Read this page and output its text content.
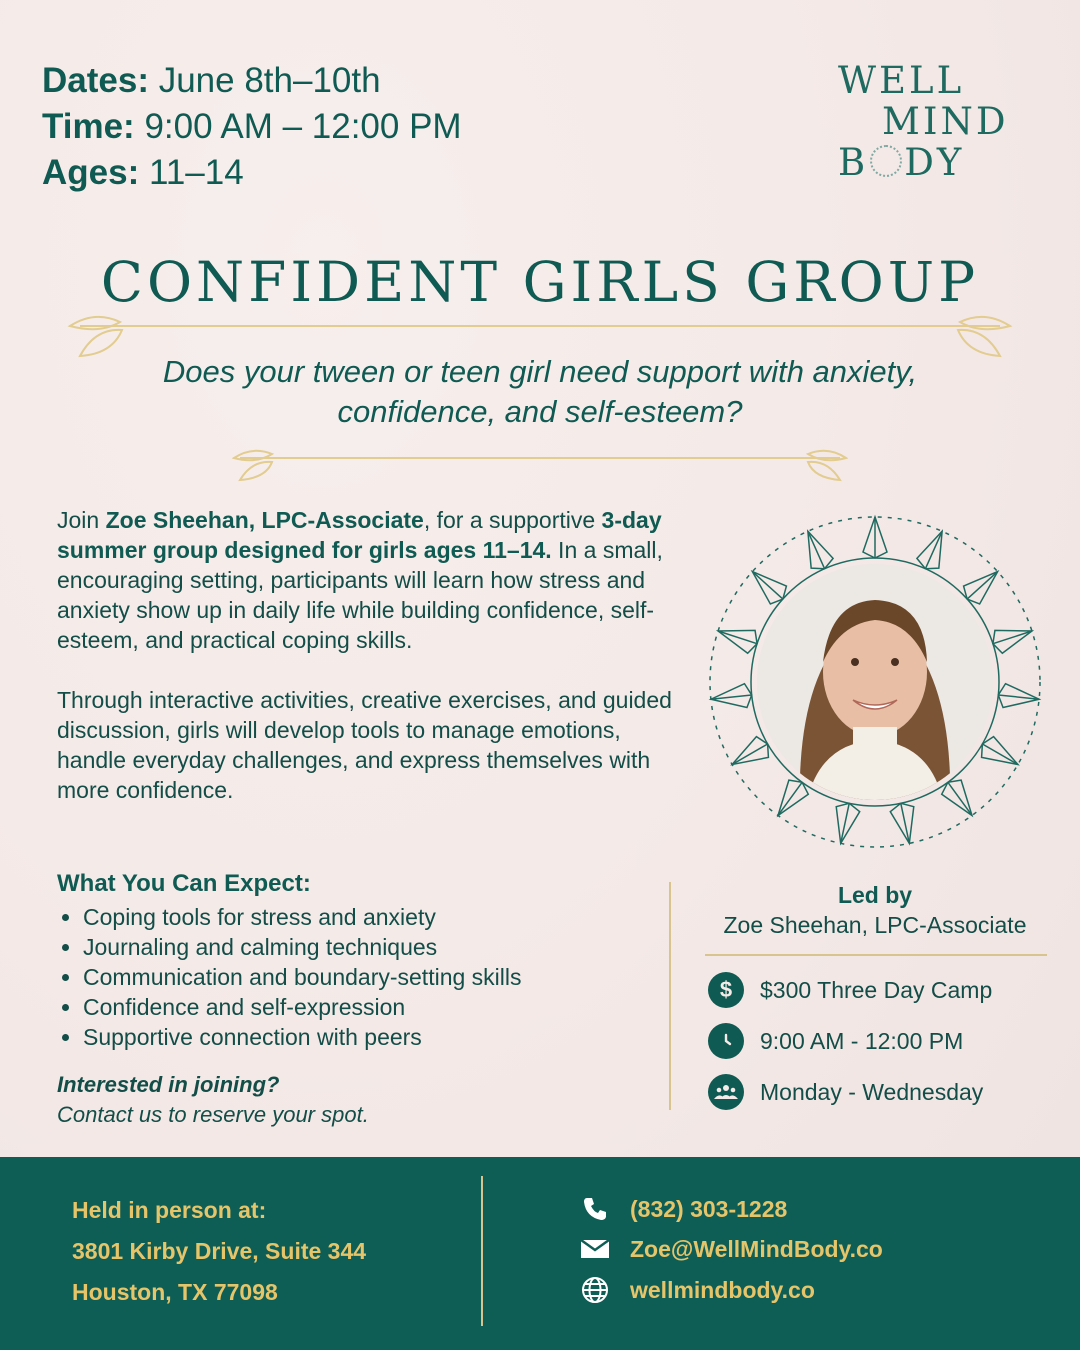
Dates: June 8th–10th
Time: 9:00 AM – 12:00 PM
Ages: 11–14
WELL
MIND
B DY
CONFIDENT GIRLS GROUP
Does your tween or teen girl need support with anxiety, confidence, and self-esteem?

Join Zoe Sheehan, LPC-Associate, for a supportive 3-day summer group designed for girls ages 11–14. In a small, encouraging setting, participants will learn how stress and anxiety show up in daily life while building confidence, self-esteem, and practical coping skills.

Through interactive activities, creative exercises, and guided discussion, girls will develop tools to manage emotions, handle everyday challenges, and express themselves with more confidence.

What You Can Expect:
• Coping tools for stress and anxiety
• Journaling and calming techniques
• Communication and boundary-setting skills
• Confidence and self-expression
• Supportive connection with peers
Interested in joining?
Contact us to reserve your spot.
Led by
Zoe Sheehan, LPC-Associate
$	$300 Three Day Camp
9:00 AM - 12:00 PM
Monday - Wednesday
Held in person at:
3801 Kirby Drive, Suite 344
Houston, TX 77098
(832) 303-1228
Zoe@WellMindBody.co
wellmindbody.co
